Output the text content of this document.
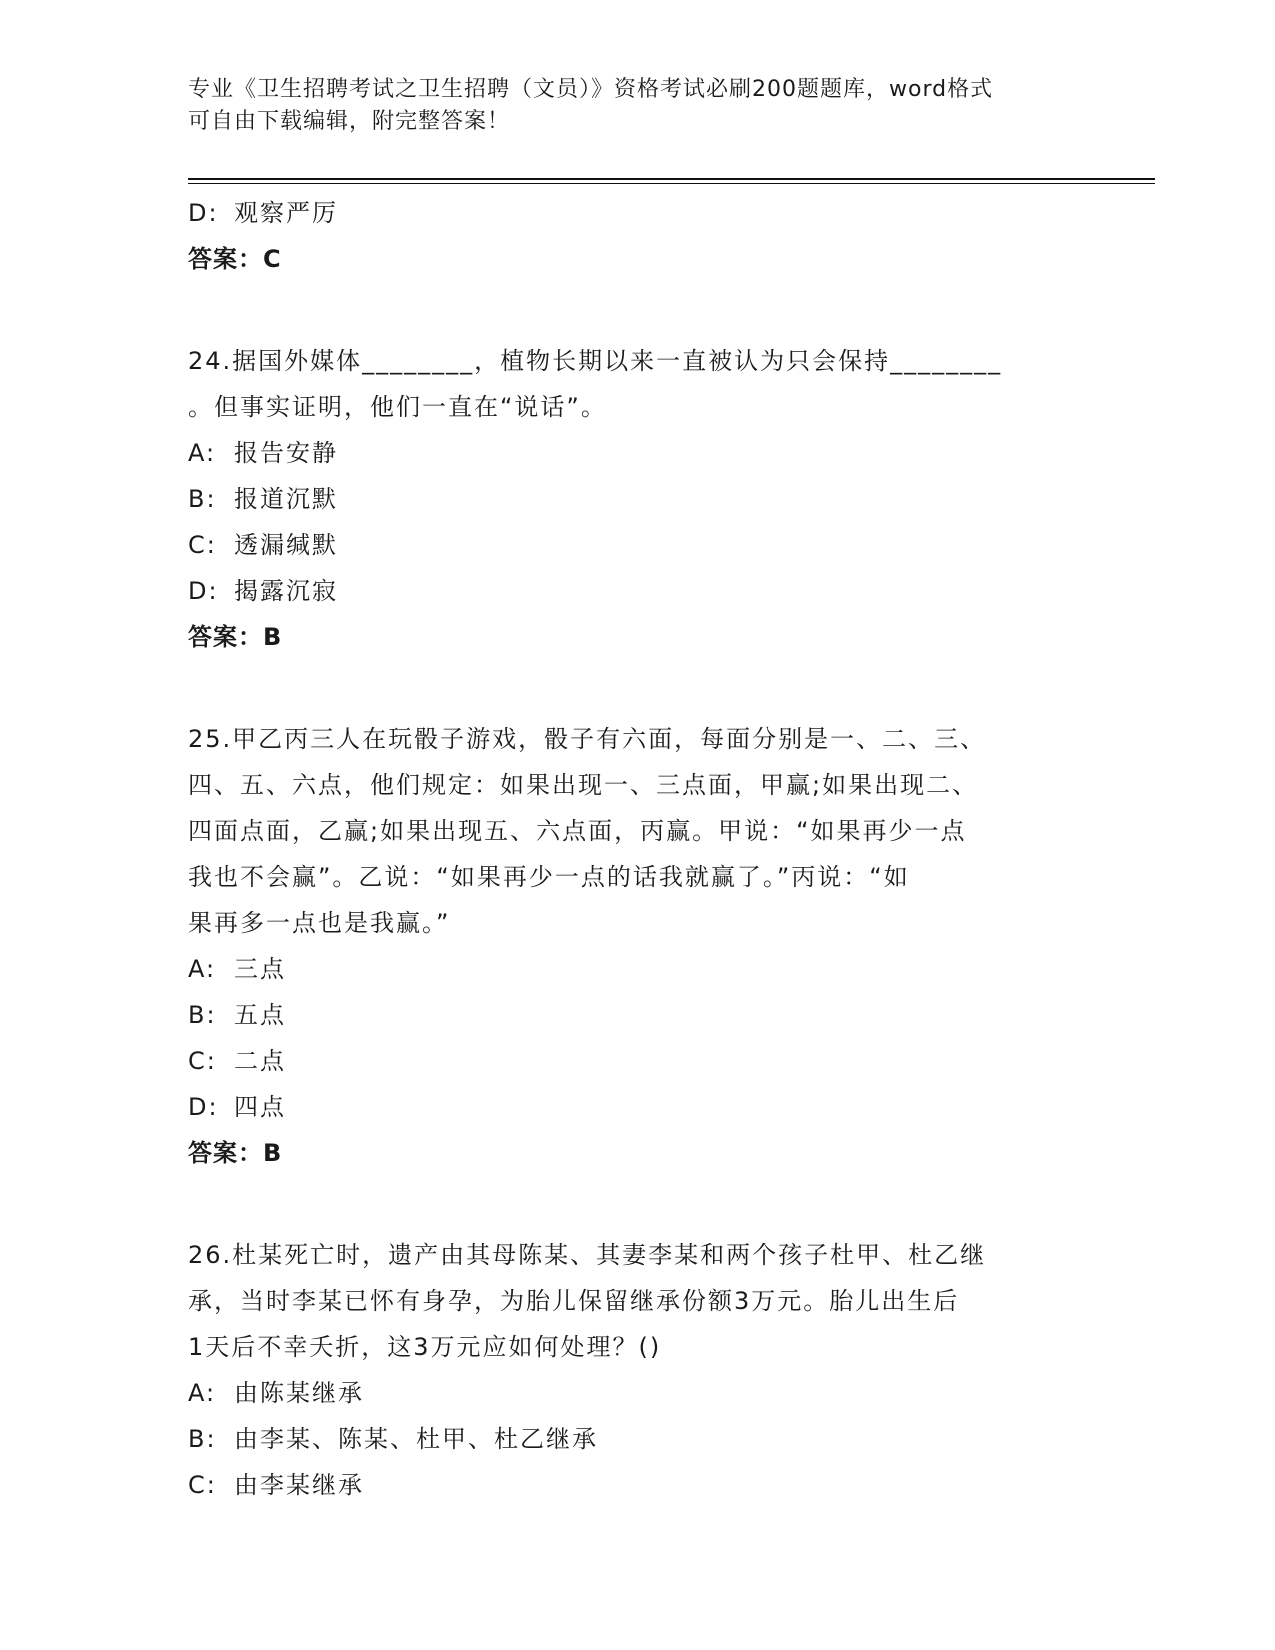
专业《卫生招聘考试之卫生招聘（文员）》资格考试必刷200题题库，word格式
可自由下载编辑，附完整答案！
D: 观察严厉
答案：C
24.据国外媒体________，植物长期以来一直被认为只会保持________
。但事实证明，他们一直在“说话”。
A: 报告安静
B: 报道沉默
C: 透漏缄默
D: 揭露沉寂
答案：B
25.甲乙丙三人在玩骰子游戏，骰子有六面，每面分别是一、二、三、
四、五、六点，他们规定：如果出现一、三点面，甲赢;如果出现二、
四面点面，乙赢;如果出现五、六点面，丙赢。甲说：“如果再少一点
我也不会赢”。乙说：“如果再少一点的话我就赢了。”丙说：“如
果再多一点也是我赢。”
A: 三点
B: 五点
C: 二点
D: 四点
答案：B
26.杜某死亡时，遗产由其母陈某、其妻李某和两个孩子杜甲、杜乙继
承，当时李某已怀有身孕，为胎儿保留继承份额3万元。胎儿出生后
1天后不幸夭折，这3万元应如何处理？()
A: 由陈某继承
B: 由李某、陈某、杜甲、杜乙继承
C: 由李某继承
